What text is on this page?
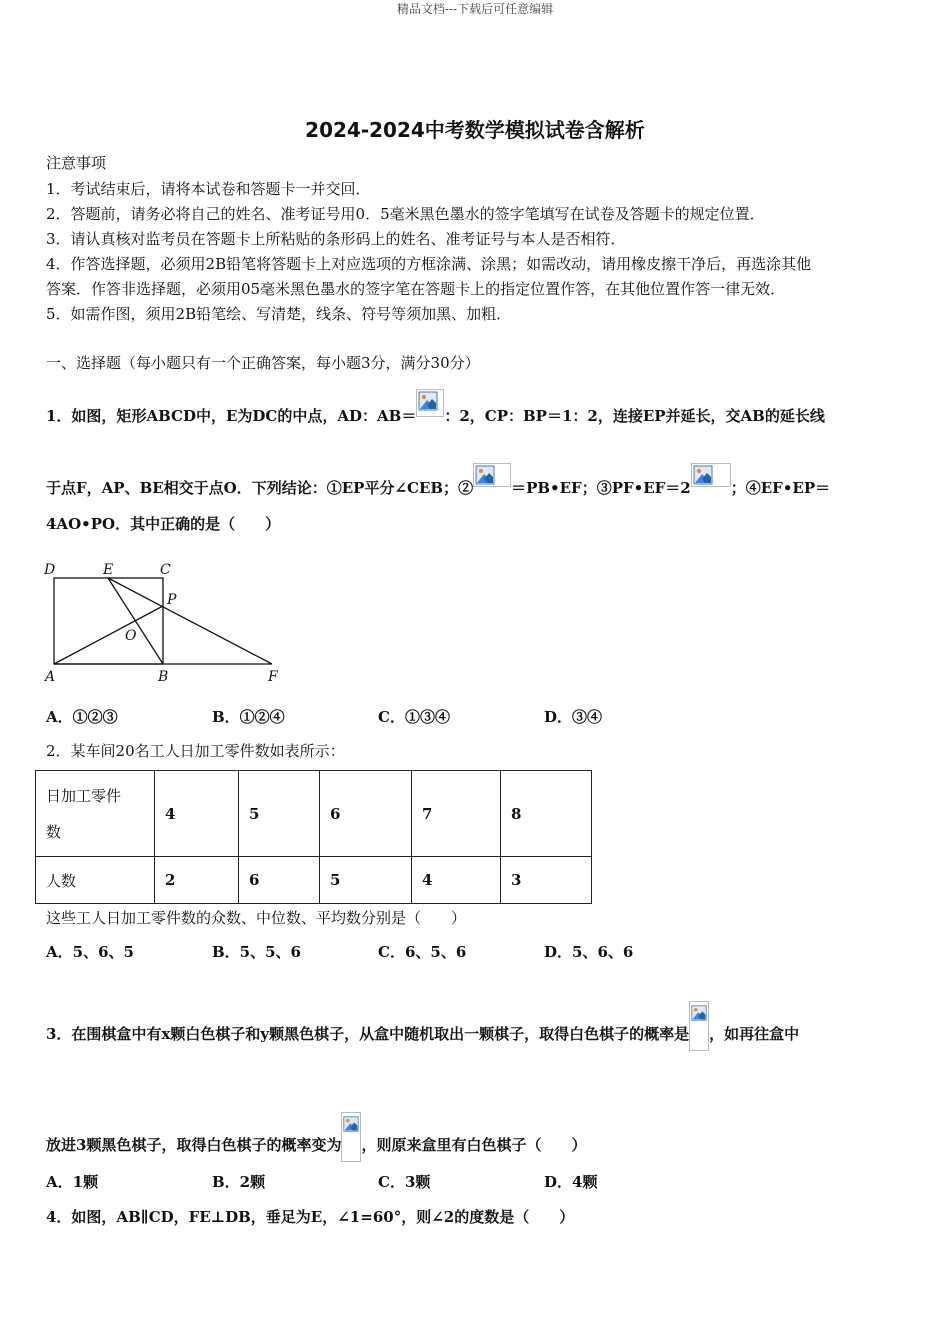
精品文档---下载后可任意编辑
2024-2024中考数学模拟试卷含解析
注意事项
1．考试结束后，请将本试卷和答题卡一并交回．
2．答题前，请务必将自己的姓名、准考证号用0．5毫米黑色墨水的签字笔填写在试卷及答题卡的规定位置．
3．请认真核对监考员在答题卡上所粘贴的条形码上的姓名、准考证号与本人是否相符．
4．作答选择题，必须用2B铅笔将答题卡上对应选项的方框涂满、涂黑；如需改动，请用橡皮擦干净后，再选涂其他
答案．作答非选择题，必须用05毫米黑色墨水的签字笔在答题卡上的指定位置作答，在其他位置作答一律无效．
5．如需作图，须用2B铅笔绘、写清楚，线条、符号等须加黑、加粗．
一、选择题（每小题只有一个正确答案，每小题3分，满分30分）
1．如图，矩形ABCD中，E为DC的中点，AD：AB＝ ：2，CP：BP＝1：2，连接EP并延长，交AB的延长线
于点F，AP、BE相交于点O．下列结论：①EP平分∠CEB；②	＝PB•EF；③PF•EF＝2	；④EF•EP＝
4AO•PO．其中正确的是（　　）
D	E	C
P
O
A	B	F
A．①②③	B．①②④	C．①③④	D．③④
2．某车间20名工人日加工零件数如表所示：
日加工零件
数	4	5	6	7	8
人数	2	6	5	4	3
这些工人日加工零件数的众数、中位数、平均数分别是（　　）
A．5、6、5	B．5、5、6	C．6、5、6	D．5、6、6
3．在围棋盒中有x颗白色棋子和y颗黑色棋子，从盒中随机取出一颗棋子，取得白色棋子的概率是 ，如再往盒中
放进3颗黑色棋子，取得白色棋子的概率变为 ，则原来盒里有白色棋子（　　）
A．1颗	B．2颗	C．3颗	D．4颗
4．如图，AB∥CD，FE⊥DB，垂足为E，∠1=60°，则∠2的度数是（　　）
